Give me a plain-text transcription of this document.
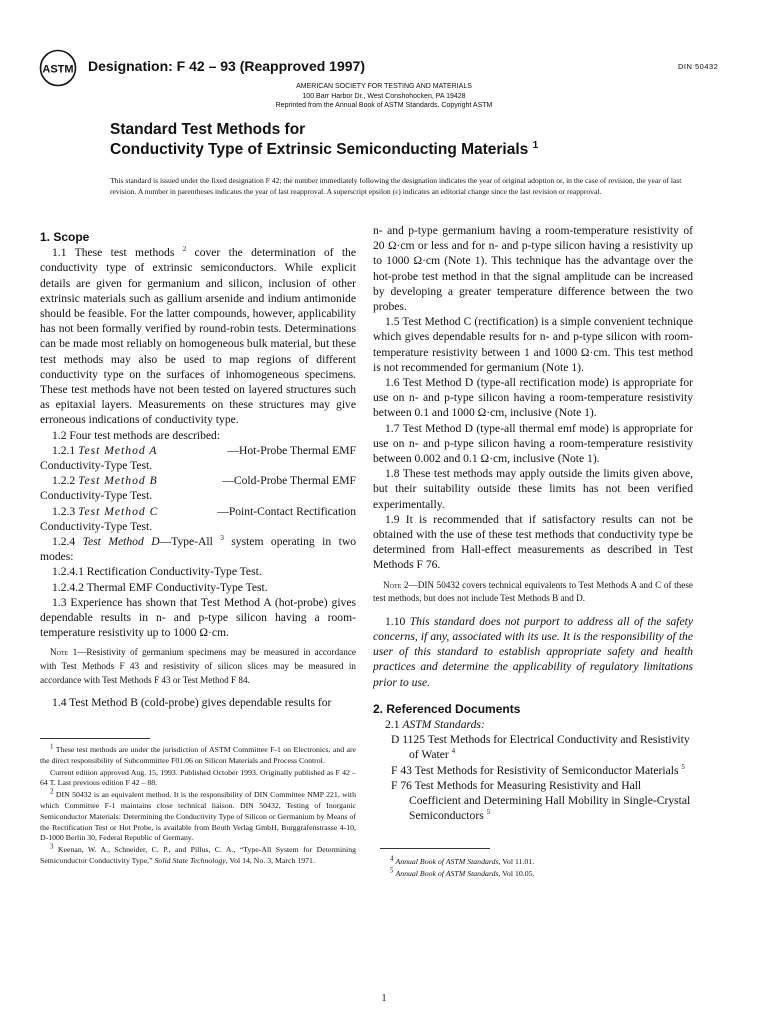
ASTM Designation: F 42 – 93 (Reapproved 1997)	DIN 50432
AMERICAN SOCIETY FOR TESTING AND MATERIALS
100 Barr Harbor Dr., West Conshohocken, PA 19428
Reprinted from the Annual Book of ASTM Standards. Copyright ASTM
Standard Test Methods for
Conductivity Type of Extrinsic Semiconducting Materials $^1$
This standard is issued under the fixed designation F 42; the number immediately following the designation indicates the year of original adoption or, in the case of revision, the year of last revision. A number in parentheses indicates the year of last reapproval. A superscript epsilon (ε) indicates an editorial change since the last revision or reapproval.

1. Scope

1.1 These test methods $^2$ cover the determination of the conductivity type of extrinsic semiconductors. While explicit details are given for germanium and silicon, inclusion of other extrinsic materials such as gallium arsenide and indium antimonide should be feasible. For the latter compounds, however, applicability has not been formally verified by round-robin tests. Determinations can be made most reliably on homogeneous bulk material, but these test methods may also be used to map regions of different conductivity type on the surfaces of inhomogeneous specimens. These test methods have not been tested on layered structures such as epitaxial layers. Measurements on these structures may give erroneous indications of conductivity type.

1.2 Four test methods are described:

1.2.1 Test Method A	—Hot-Probe Thermal EMF
Conductivity-Type Test.

1.2.2 Test Method B	—Cold-Probe Thermal EMF
Conductivity-Type Test.

1.2.3 Test Method C	—Point-Contact Rectification
Conductivity-Type Test.

1.2.4 Test Method D—Type-All $^3$ system operating in two modes:

1.2.4.1 Rectification Conductivity-Type Test.

1.2.4.2 Thermal EMF Conductivity-Type Test.

1.3 Experience has shown that Test Method A (hot-probe) gives dependable results in n- and p-type silicon having a room-temperature resistivity up to 1000 Ω·cm.

Note 1—Resistivity of germanium specimens may be measured in accordance with Test Methods F 43 and resistivity of silicon slices may be measured in accordance with Test Methods F 43 or Test Method F 84.

1.4 Test Method B (cold-probe) gives dependable results for

$^1$ These test methods are under the jurisdiction of ASTM Committee F-1 on Electronics, and are the direct responsibility of Subcommittee F01.06 on Silicon Materials and Process Control.

Current edition approved Aug. 15, 1993. Published October 1993. Originally published as F 42 – 64 T. Last previous edition F 42 – 88.

$^2$ DIN 50432 is an equivalent method. It is the responsibility of DIN Committee NMP 221, with which Committee F-1 maintains close technical liaison. DIN 50432, Testing of Inorganic Semiconductor Materials: Determining the Conductivity Type of Silicon or Germanium by Means of the Rectification Test or Hot Probe, is available from Beuth Verlag GmbH, Burggrafenstrasse 4-10, D-1000 Berlin 30, Federal Republic of Germany.

$^3$ Keenan, W. A., Schneider, C. P., and Pillus, C. A., “Type-All System for Determining Semiconductor Conductivity Type,” Solid State Technology, Vol 14, No. 3, March 1971.

n- and p-type germanium having a room-temperature resistivity of 20 Ω·cm or less and for n- and p-type silicon having a resistivity up to 1000 Ω·cm (Note 1). This technique has the advantage over the hot-probe test method in that the signal amplitude can be increased by developing a greater temperature difference between the two probes.

1.5 Test Method C (rectification) is a simple convenient technique which gives dependable results for n- and p-type silicon with room-temperature resistivity between 1 and 1000 Ω·cm. This test method is not recommended for germanium (Note 1).

1.6 Test Method D (type-all rectification mode) is appropriate for use on n- and p-type silicon having a room-temperature resistivity between 0.1 and 1000 Ω·cm, inclusive (Note 1).

1.7 Test Method D (type-all thermal emf mode) is appropriate for use on n- and p-type silicon having a room-temperature resistivity between 0.002 and 0.1 Ω·cm, inclusive (Note 1).

1.8 These test methods may apply outside the limits given above, but their suitability outside these limits has not been verified experimentally.

1.9 It is recommended that if satisfactory results can not be obtained with the use of these test methods that conductivity type be determined from Hall-effect measurements as described in Test Methods F 76.

Note 2—DIN 50432 covers technical equivalents to Test Methods A and C of these test methods, but does not include Test Methods B and D.

1.10 This standard does not purport to address all of the safety concerns, if any, associated with its use. It is the responsibility of the user of this standard to establish appropriate safety and health practices and determine the applicability of regulatory limitations prior to use.

2. Referenced Documents

2.1 ASTM Standards:

D 1125 Test Methods for Electrical Conductivity and Resistivity of Water $^4$

F 43 Test Methods for Resistivity of Semiconductor Materials $^5$

F 76 Test Methods for Measuring Resistivity and Hall Coefficient and Determining Hall Mobility in Single-Crystal Semiconductors $^5$

$^4$ Annual Book of ASTM Standards, Vol 11.01.

$^5$ Annual Book of ASTM Standards, Vol 10.05.

1
